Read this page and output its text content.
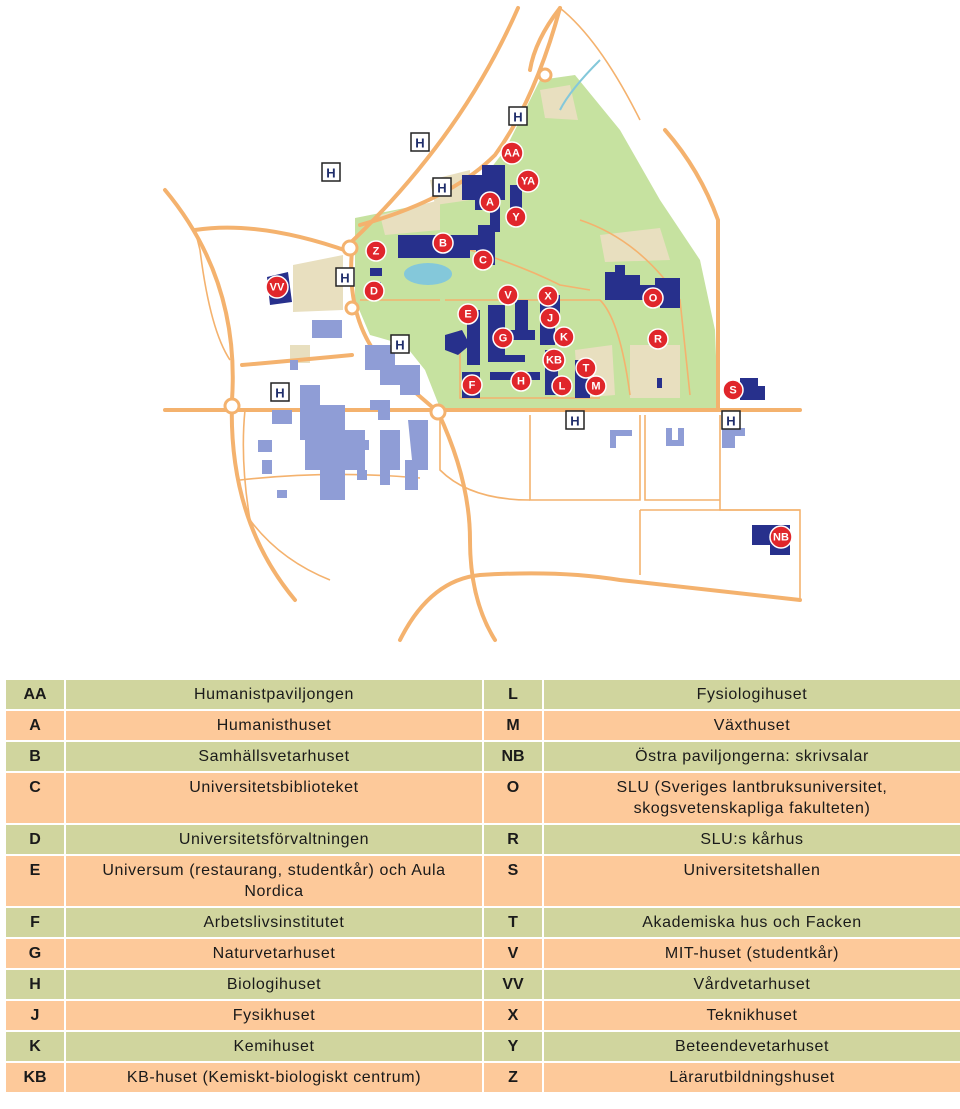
AA
YA
A
Y
Z
B
C
D
VV
V	X
E	J
G	K
KB
T
F	H	L M
O
R
S
NB
H
H
H
H
H
H
H
H	H
AA	Humanistpaviljongen	L	Fysiologihuset
A	Humanisthuset	M	Växthuset
B	Samhällsvetarhuset	NB	Östra paviljongerna: skrivsalar
C	Universitetsbiblioteket	O	SLU (Sveriges lantbruksuniversitet, skogsvetenskapliga fakulteten)
D	Universitetsförvaltningen	R	SLU:s kårhus
E	Universum (restaurang, studentkår) och Aula Nordica	S	Universitetshallen
F	Arbetslivsinstitutet	T	Akademiska hus och Facken
G	Naturvetarhuset	V	MIT-huset (studentkår)
H	Biologihuset	VV	Vårdvetarhuset
J	Fysikhuset	X	Teknikhuset
K	Kemihuset	Y	Beteendevetarhuset
KB	KB-huset (Kemiskt-biologiskt centrum)	Z	Lärarutbildningshuset
